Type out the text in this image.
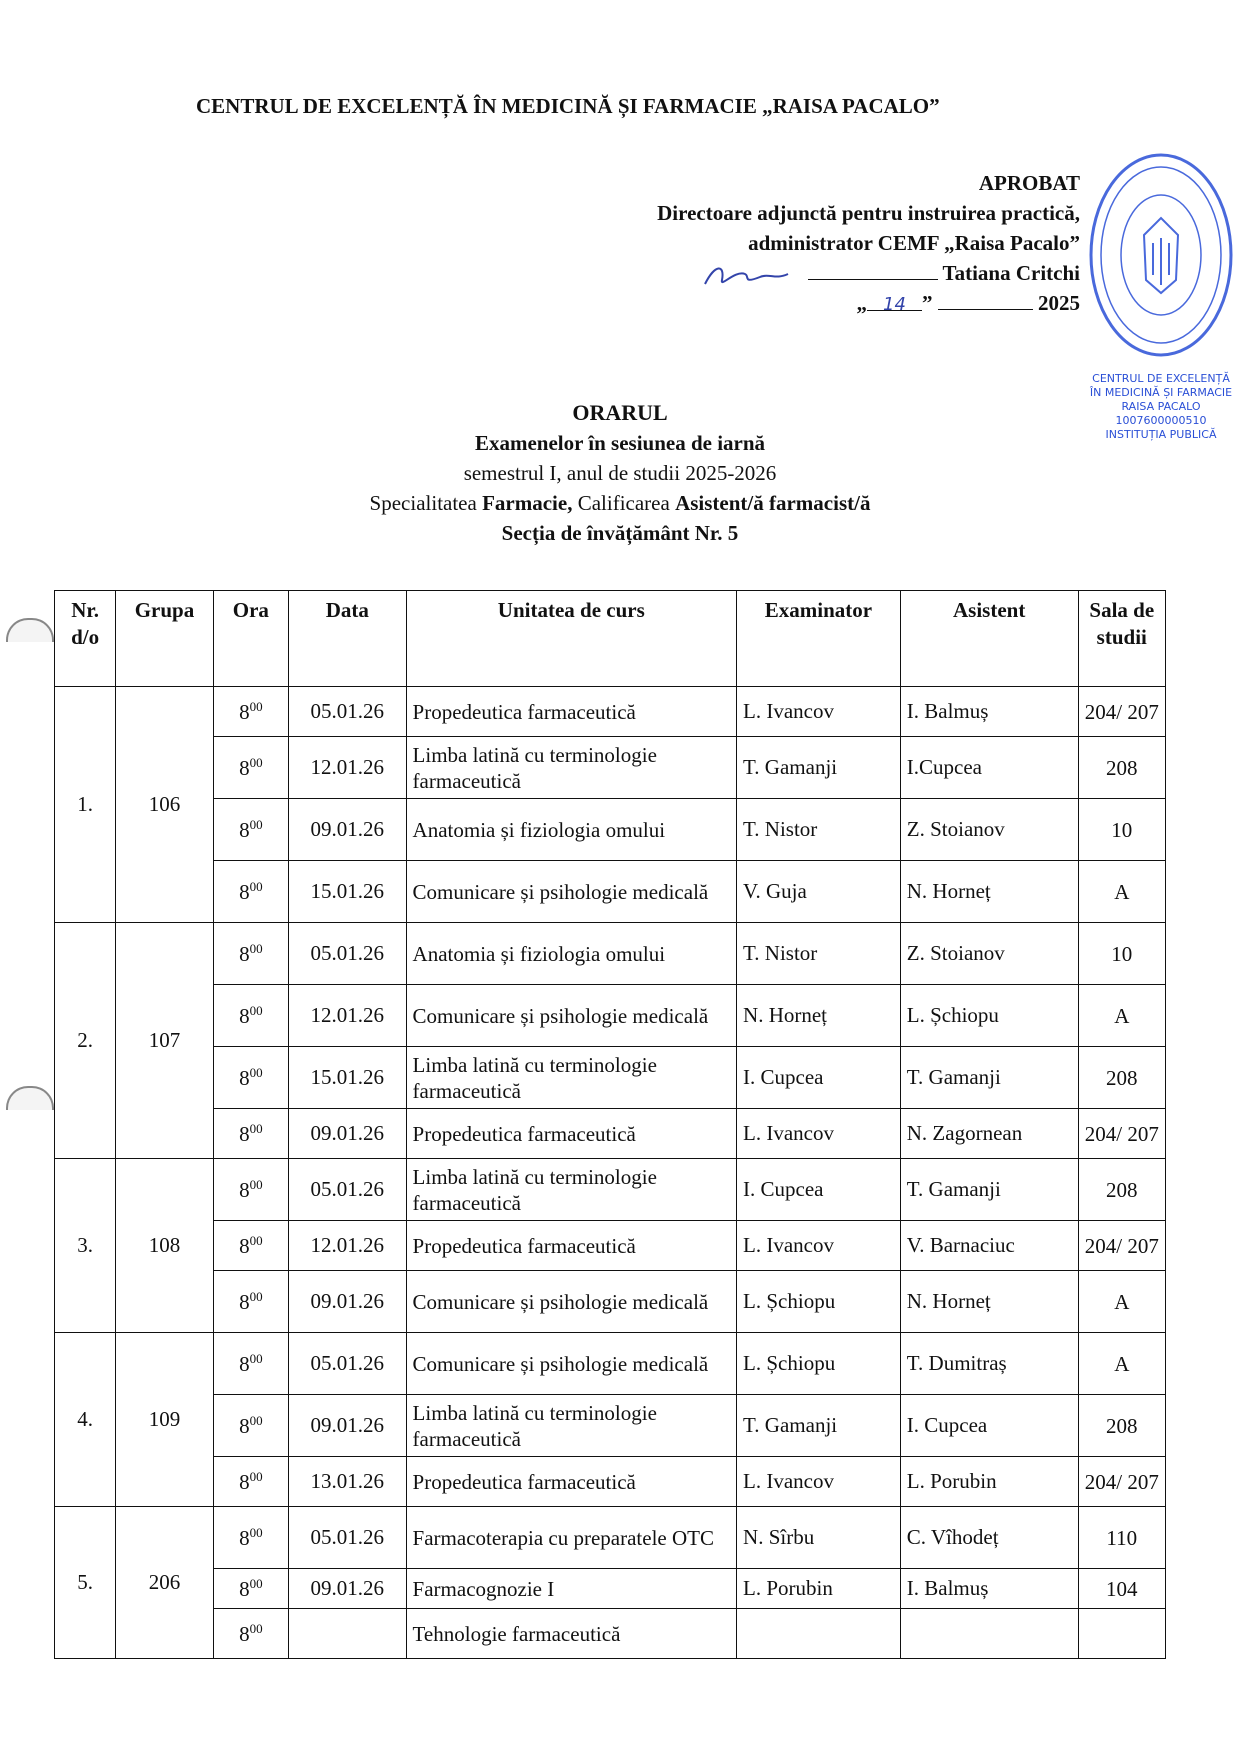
CENTRUL DE EXCELENȚĂ ÎN MEDICINĂ ȘI FARMACIE „RAISA PACALO”
APROBAT
Directoare adjunctă pentru instruirea practică,
administrator CEMF „Raisa Pacalo”
Tatiana Critchi
„ 14 ”	2025
CENTRUL DE EXCELENȚĂ ÎN MEDICINĂ ȘI FARMACIE RAISA PACALO
1007600000510
INSTITUȚIA PUBLICĂ
ORARUL
Examenelor în sesiunea de iarnă
semestrul I, anul de studii 2025-2026
Specialitatea Farmacie, Calificarea Asistent/ă farmacist/ă
Secția de învățământ Nr. 5
Nr. d/o	Grupa	Ora	Data	Unitatea de curs	Examinator	Asistent	Sala de studii
1.	106	$8^{00}$	05.01.26	Propedeutica farmaceutică	L. Ivancov	I. Balmuș	204/ 207
		$8^{00}$	12.01.26	Limba latină cu terminologie farmaceutică	T. Gamanji	I.Cupcea	208
		$8^{00}$	09.01.26	Anatomia și fiziologia omului	T. Nistor	Z. Stoianov	10
		$8^{00}$	15.01.26	Comunicare și psihologie medicală	V. Guja	N. Horneț	A
2.	107	$8^{00}$	05.01.26	Anatomia și fiziologia omului	T. Nistor	Z. Stoianov	10
		$8^{00}$	12.01.26	Comunicare și psihologie medicală	N. Horneț	L. Șchiopu	A
		$8^{00}$	15.01.26	Limba latină cu terminologie farmaceutică	I. Cupcea	T. Gamanji	208
		$8^{00}$	09.01.26	Propedeutica farmaceutică	L. Ivancov	N. Zagornean	204/ 207
3.	108	$8^{00}$	05.01.26	Limba latină cu terminologie farmaceutică	I. Cupcea	T. Gamanji	208
		$8^{00}$	12.01.26	Propedeutica farmaceutică	L. Ivancov	V. Barnaciuc	204/ 207
		$8^{00}$	09.01.26	Comunicare și psihologie medicală	L. Șchiopu	N. Horneț	A
4.	109	$8^{00}$	05.01.26	Comunicare și psihologie medicală	L. Șchiopu	T. Dumitraș	A
		$8^{00}$	09.01.26	Limba latină cu terminologie farmaceutică	T. Gamanji	I. Cupcea	208
		$8^{00}$	13.01.26	Propedeutica farmaceutică	L. Ivancov	L. Porubin	204/ 207
5.	206	$8^{00}$	05.01.26	Farmacoterapia cu preparatele OTC	N. Sîrbu	C. Vîhodeț	110
		$8^{00}$	09.01.26	Farmacognozie I	L. Porubin	I. Balmuș	104
		$8^{00}$		Tehnologie farmaceutică			
